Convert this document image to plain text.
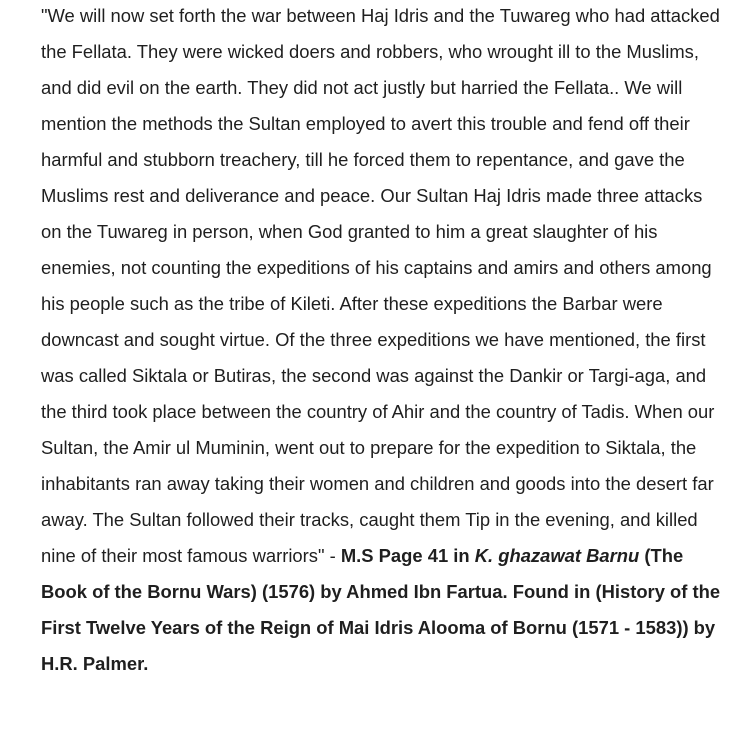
"We will now set forth the war between Haj Idris and the Tuwareg who had attacked the Fellata. They were wicked doers and robbers, who wrought ill to the Muslims, and did evil on the earth. They did not act justly but harried the Fellata.. We will mention the methods the Sultan employed to avert this trouble and fend off their harmful and stubborn treachery, till he forced them to repentance, and gave the Muslims rest and deliverance and peace. Our Sultan Haj Idris made three attacks on the Tuwareg in person, when God granted to him a great slaughter of his enemies, not counting the expeditions of his captains and amirs and others among his people such as the tribe of Kileti. After these expeditions the Barbar were downcast and sought virtue. Of the three expeditions we have mentioned, the first was called Siktala or Butiras, the second was against the Dankir or Targi-aga, and the third took place between the country of Ahir and the country of Tadis. When our Sultan, the Amir ul Muminin, went out to prepare for the expedition to Siktala, the inhabitants ran away taking their women and children and goods into the desert far away. The Sultan followed their tracks, caught them Tip in the evening, and killed nine of their most famous warriors" - M.S Page 41 in K. ghazawat Barnu (The Book of the Bornu Wars) (1576) by Ahmed Ibn Fartua. Found in (History of the First Twelve Years of the Reign of Mai Idris Alooma of Bornu (1571 - 1583)) by H.R. Palmer.
